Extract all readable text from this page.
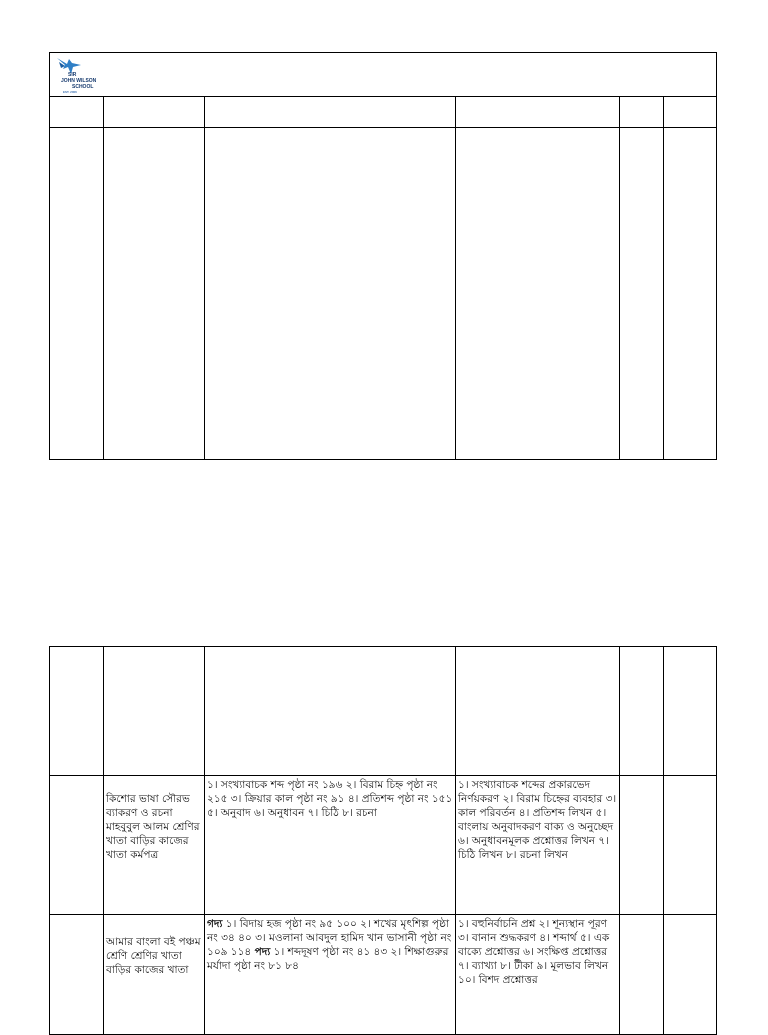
SIR
JOHN WILSON
SCHOOL
EST. 2006					

	কিশোর ভাষা সৌরভ ব্যাকরণ ও রচনা মাহবুবুল আলম শ্রেণির খাতা বাড়ির কাজের খাতা কর্মপত্র	১। সংখ্যাবাচক শব্দ পৃষ্ঠা নং ১৯৬ ২। বিরাম চিহ্ন পৃষ্ঠা নং ২১৫ ৩। ক্রিয়ার কাল পৃষ্ঠা নং ৯১ ৪। প্রতিশব্দ পৃষ্ঠা নং ১৫১ ৫। অনুবাদ ৬। অনুধাবন ৭। চিঠি ৮। রচনা	১। সংখ্যাবাচক শব্দের প্রকারভেদ নির্ণয়করণ ২। বিরাম চিহ্নের ব্যবহার ৩। কাল পরিবর্তন ৪। প্রতিশব্দ লিখন ৫। বাংলায় অনুবাদকরণ বাক্য ও অনুচ্ছেদ ৬। অনুধাবনমূলক প্রশ্নোত্তর লিখন ৭। চিঠি লিখন ৮। রচনা লিখন		

	আমার বাংলা বই পঞ্চম শ্রেণি শ্রেণির খাতা বাড়ির কাজের খাতা	গদ্য ১। বিদায় হজ পৃষ্ঠা নং ৯৫ ১০০ ২। শখের মৃৎশিল্প পৃষ্ঠা নং ৩৪ ৪০ ৩। মওলানা আবদুল হামিদ খান ভাসানী পৃষ্ঠা নং ১০৯ ১১৪ পদ্য ১। শব্দদূষণ পৃষ্ঠা নং ৪১ ৪৩ ২। শিক্ষাগুরুর মর্যাদা পৃষ্ঠা নং ৮১ ৮৪	১। বহুনির্বাচনি প্রশ্ন ২। শূন্যস্থান পূরণ ৩। বানান শুদ্ধকরণ ৪। শব্দার্থ ৫। এক বাক্যে প্রশ্নোত্তর ৬। সংক্ষিপ্ত প্রশ্নোত্তর ৭। ব্যাখ্যা ৮। টীকা ৯। মূলভাব লিখন ১০। বিশদ প্রশ্নোত্তর		
